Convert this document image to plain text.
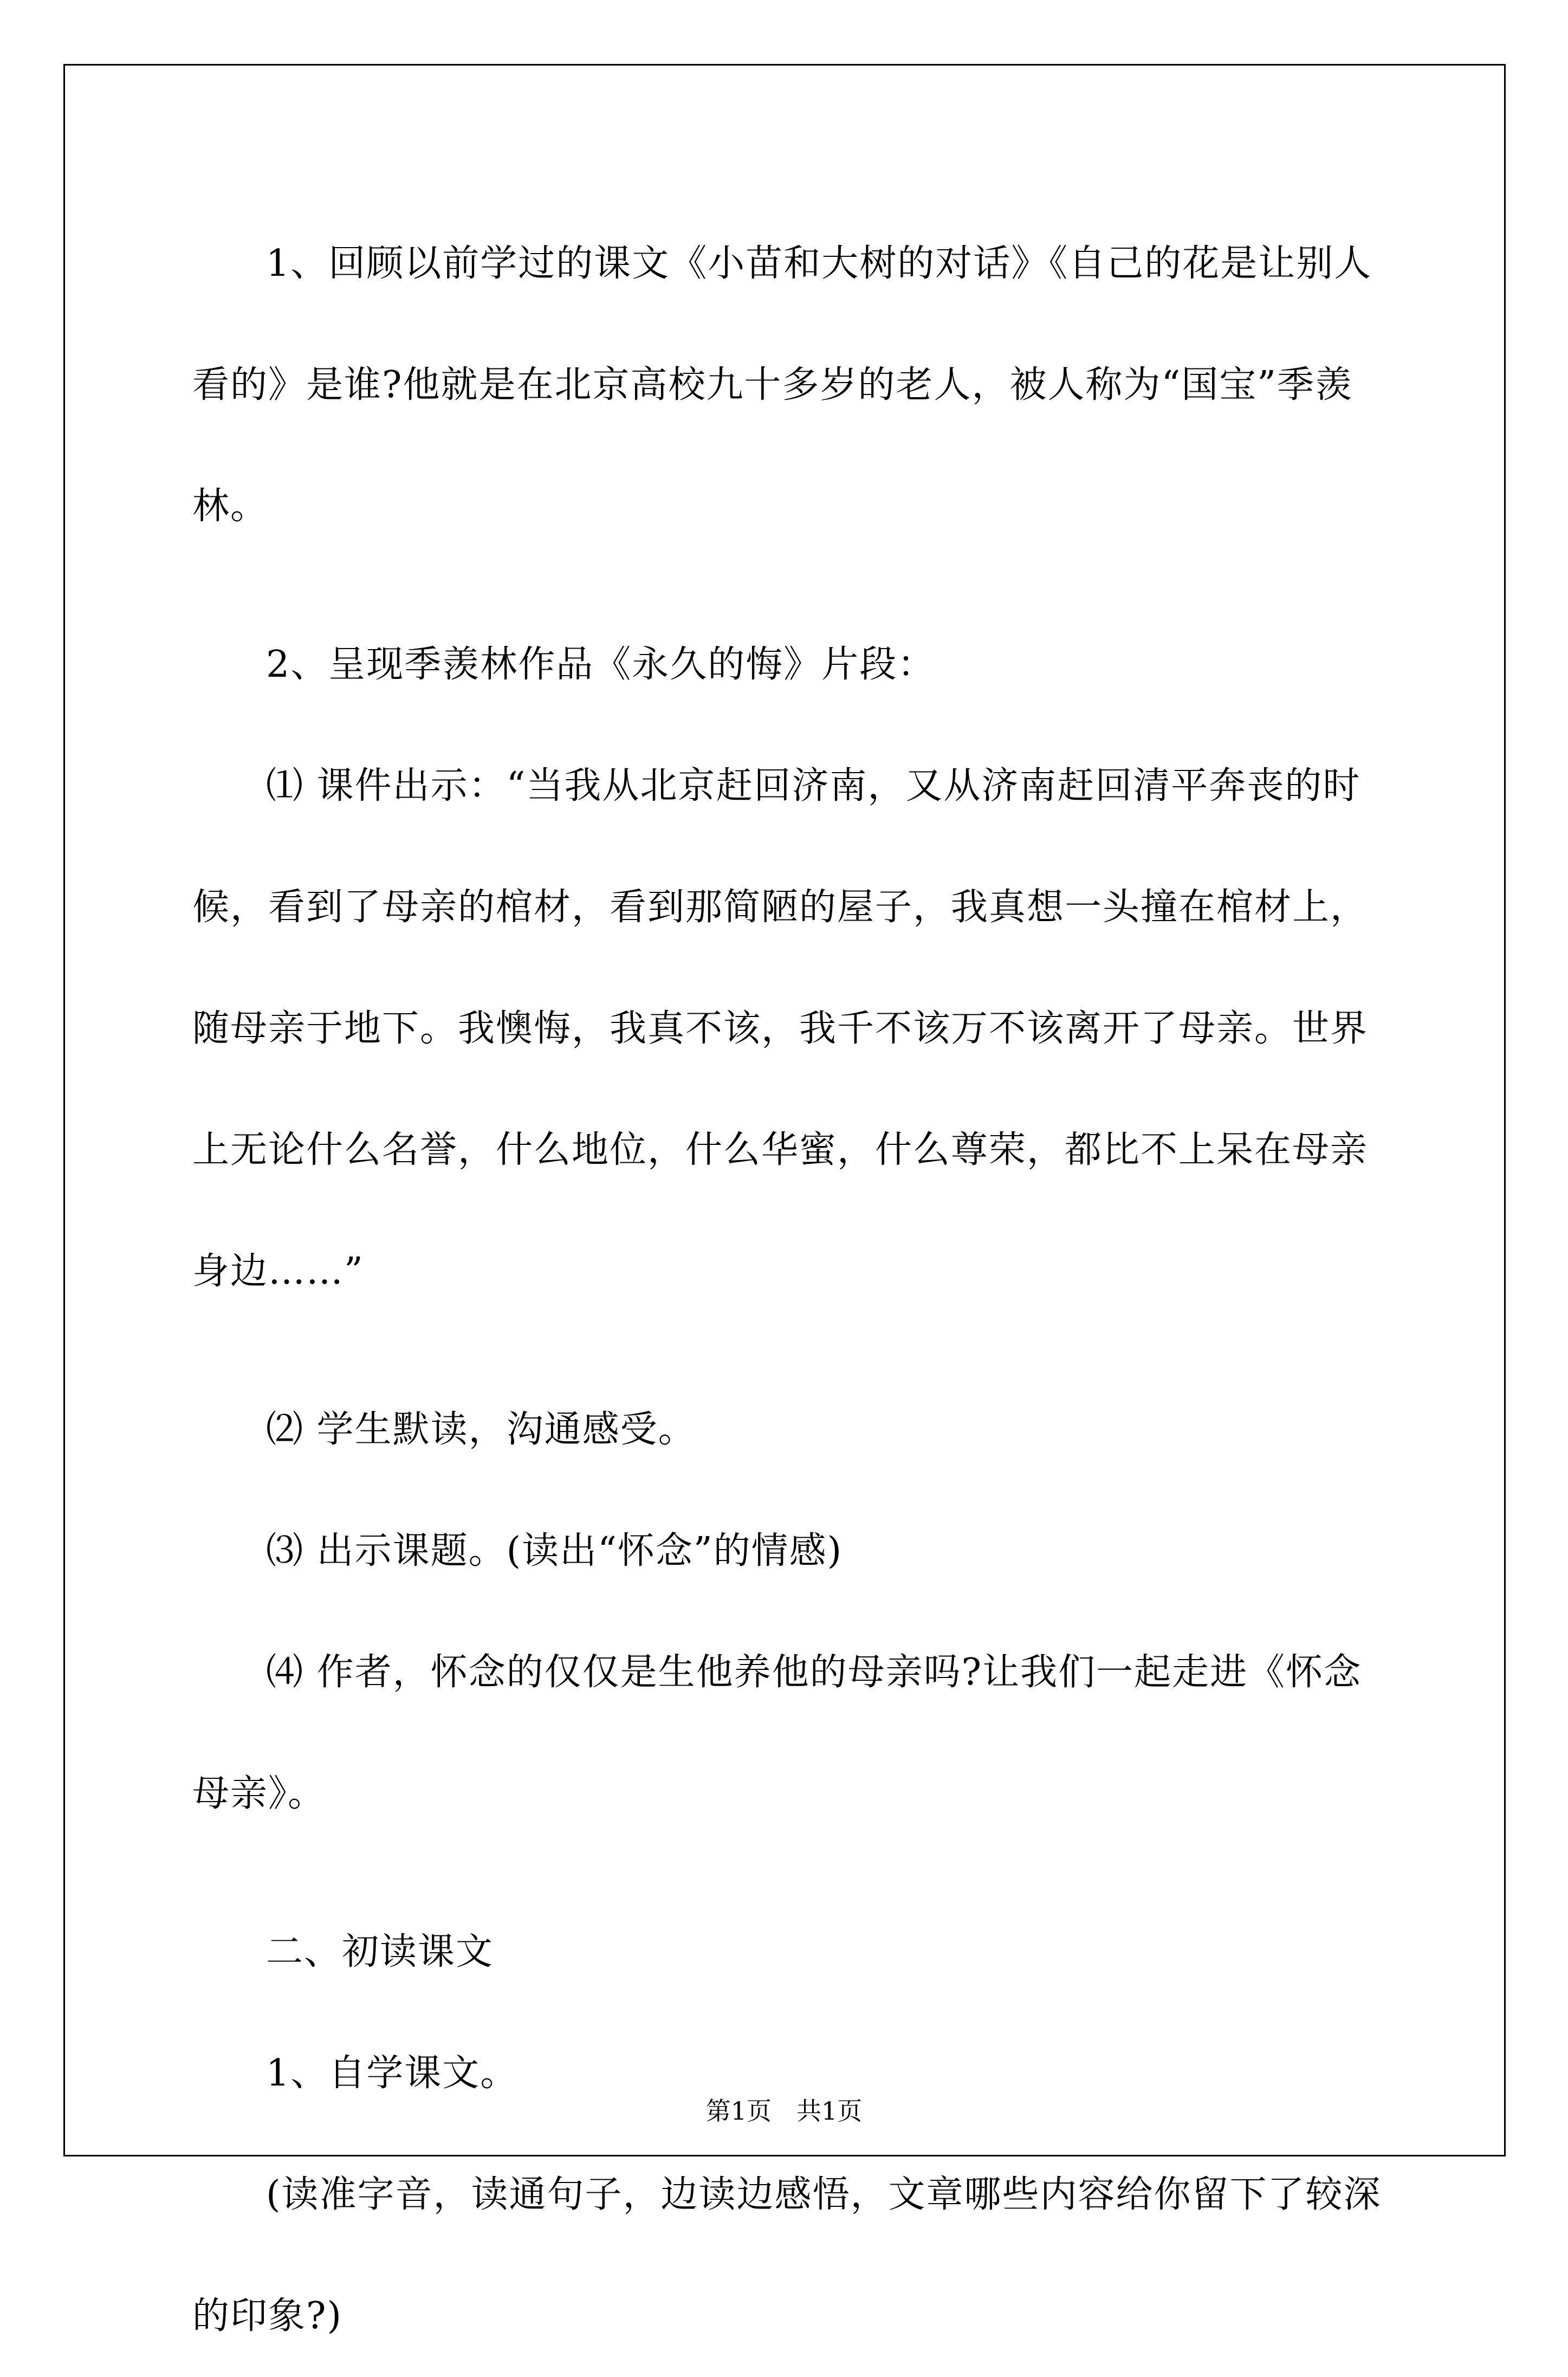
1、回顾以前学过的课文《小苗和大树的对话》《自己的花是让别人看的》是谁?他就是在北京高校九十多岁的老人，被人称为“国宝”季羡林。

2、呈现季羡林作品《永久的悔》片段：

⑴ 课件出示：“当我从北京赶回济南，又从济南赶回清平奔丧的时候，看到了母亲的棺材，看到那简陋的屋子，我真想一头撞在棺材上，随母亲于地下。我懊悔，我真不该，我千不该万不该离开了母亲。世界上无论什么名誉，什么地位，什么华蜜，什么尊荣，都比不上呆在母亲身边……”

⑵ 学生默读，沟通感受。

⑶ 出示课题。(读出“怀念”的情感)

⑷ 作者，怀念的仅仅是生他养他的母亲吗?让我们一起走进《怀念母亲》。

二、初读课文

1、自学课文。

(读准字音，读通句子，边读边感悟，文章哪些内容给你留下了较深的印象?)

第1页　共1页
